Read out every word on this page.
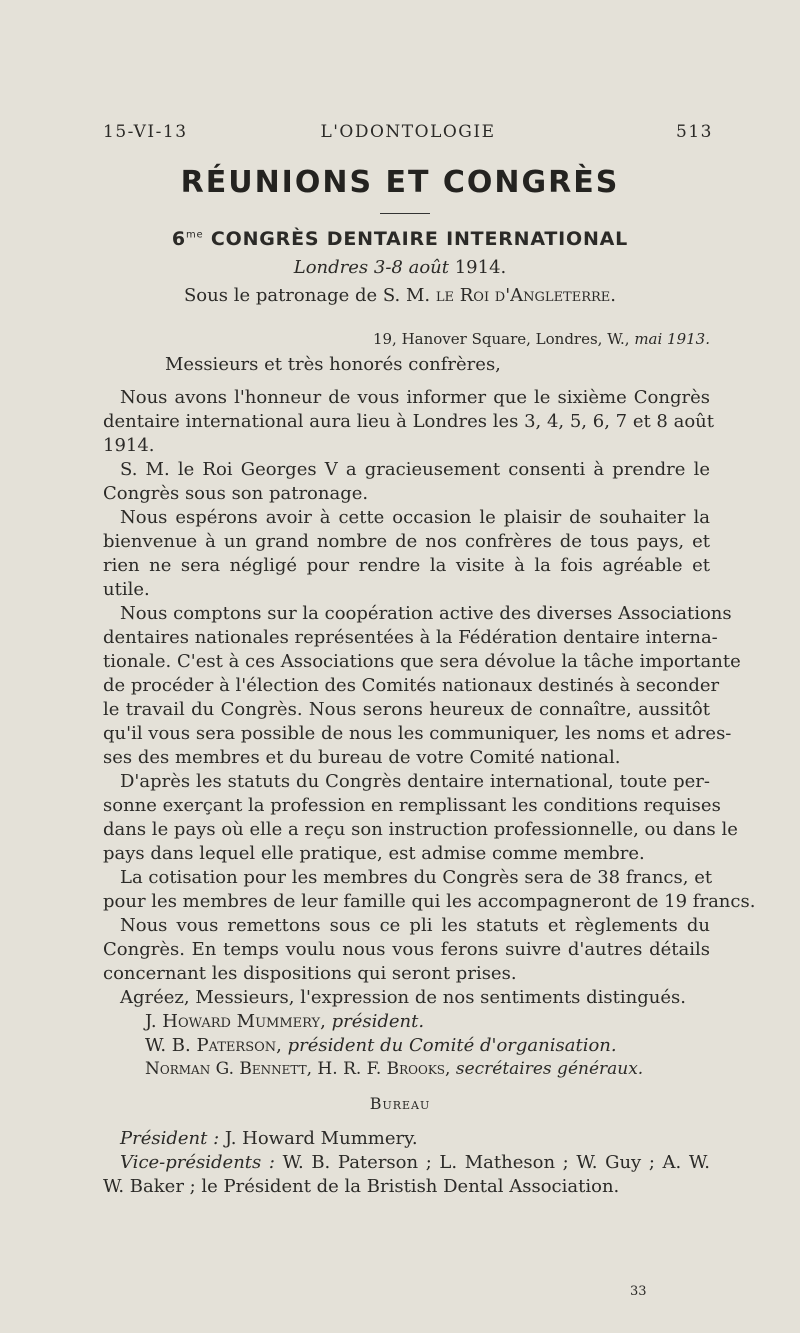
15-VI-13	L'ODONTOLOGIE	513
RÉUNIONS ET CONGRÈS
$6^{me}$ CONGRÈS DENTAIRE INTERNATIONAL
Londres 3-8 août 1914.
Sous le patronage de S. M. le Roi d'Angleterre.
19, Hanover Square, Londres, W., mai 1913.
Messieurs et très honorés confrères,
Nous avons l'honneur de vous informer que le sixième Congrès
dentaire international aura lieu à Londres les 3, 4, 5, 6, 7 et 8 août
1914.
S. M. le Roi Georges V a gracieusement consenti à prendre le
Congrès sous son patronage.
Nous espérons avoir à cette occasion le plaisir de souhaiter la
bienvenue à un grand nombre de nos confrères de tous pays, et
rien ne sera négligé pour rendre la visite à la fois agréable et
utile.
Nous comptons sur la coopération active des diverses Associations
dentaires nationales représentées à la Fédération dentaire interna-
tionale. C'est à ces Associations que sera dévolue la tâche importante
de procéder à l'élection des Comités nationaux destinés à seconder
le travail du Congrès. Nous serons heureux de connaître, aussitôt
qu'il vous sera possible de nous les communiquer, les noms et adres-
ses des membres et du bureau de votre Comité national.
D'après les statuts du Congrès dentaire international, toute per-
sonne exerçant la profession en remplissant les conditions requises
dans le pays où elle a reçu son instruction professionnelle, ou dans le
pays dans lequel elle pratique, est admise comme membre.
La cotisation pour les membres du Congrès sera de 38 francs, et
pour les membres de leur famille qui les accompagneront de 19 francs.
Nous vous remettons sous ce pli les statuts et règlements du
Congrès. En temps voulu nous vous ferons suivre d'autres détails
concernant les dispositions qui seront prises.
Agréez, Messieurs, l'expression de nos sentiments distingués.
J. Howard Mummery, président.
W. B. Paterson, président du Comité d'organisation.
Norman G. Bennett, H. R. F. Brooks, secrétaires généraux.
Bureau
Président : J. Howard Mummery.
Vice-présidents : W. B. Paterson ; L. Matheson ; W. Guy ; A. W.
W. Baker ; le Président de la Bristish Dental Association.
33
